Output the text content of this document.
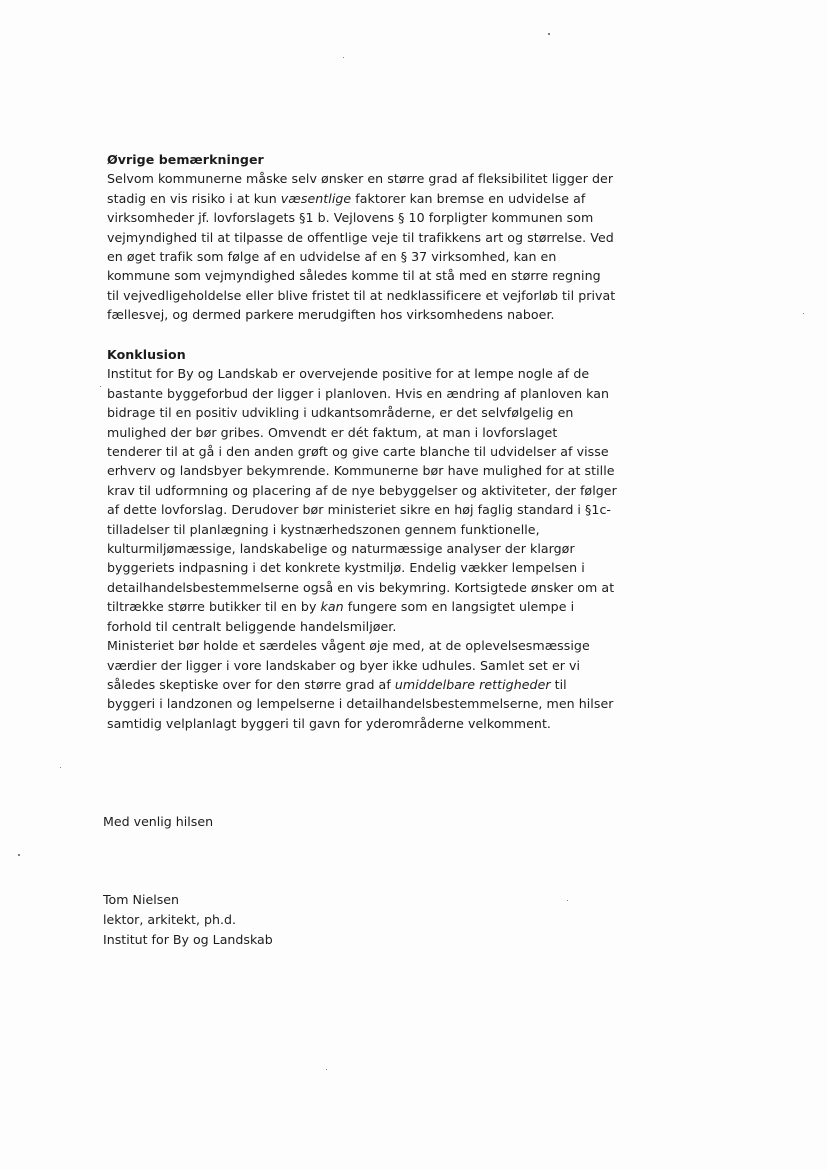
Øvrige bemærkninger
Selvom kommunerne måske selv ønsker en større grad af fleksibilitet ligger der
stadig en vis risiko i at kun væsentlige faktorer kan bremse en udvidelse af
virksomheder jf. lovforslagets §1 b. Vejlovens § 10 forpligter kommunen som
vejmyndighed til at tilpasse de offentlige veje til trafikkens art og størrelse. Ved
en øget trafik som følge af en udvidelse af en § 37 virksomhed, kan en
kommune som vejmyndighed således komme til at stå med en større regning
til vejvedligeholdelse eller blive fristet til at nedklassificere et vejforløb til privat
fællesvej, og dermed parkere merudgiften hos virksomhedens naboer.
Konklusion
Institut for By og Landskab er overvejende positive for at lempe nogle af de
bastante byggeforbud der ligger i planloven. Hvis en ændring af planloven kan
bidrage til en positiv udvikling i udkantsområderne, er det selvfølgelig en
mulighed der bør gribes. Omvendt er dét faktum, at man i lovforslaget
tenderer til at gå i den anden grøft og give carte blanche til udvidelser af visse
erhverv og landsbyer bekymrende. Kommunerne bør have mulighed for at stille
krav til udformning og placering af de nye bebyggelser og aktiviteter, der følger
af dette lovforslag. Derudover bør ministeriet sikre en høj faglig standard i §1c-
tilladelser til planlægning i kystnærhedszonen gennem funktionelle,
kulturmiljømæssige, landskabelige og naturmæssige analyser der klargør
byggeriets indpasning i det konkrete kystmiljø. Endelig vækker lempelsen i
detailhandelsbestemmelserne også en vis bekymring. Kortsigtede ønsker om at
tiltrække større butikker til en by kan fungere som en langsigtet ulempe i
forhold til centralt beliggende handelsmiljøer.
Ministeriet bør holde et særdeles vågent øje med, at de oplevelsesmæssige
værdier der ligger i vore landskaber og byer ikke udhules. Samlet set er vi
således skeptiske over for den større grad af umiddelbare rettigheder til
byggeri i landzonen og lempelserne i detailhandelsbestemmelserne, men hilser
samtidig velplanlagt byggeri til gavn for yderområderne velkomment.
Med venlig hilsen
Tom Nielsen
lektor, arkitekt, ph.d.
Institut for By og Landskab
